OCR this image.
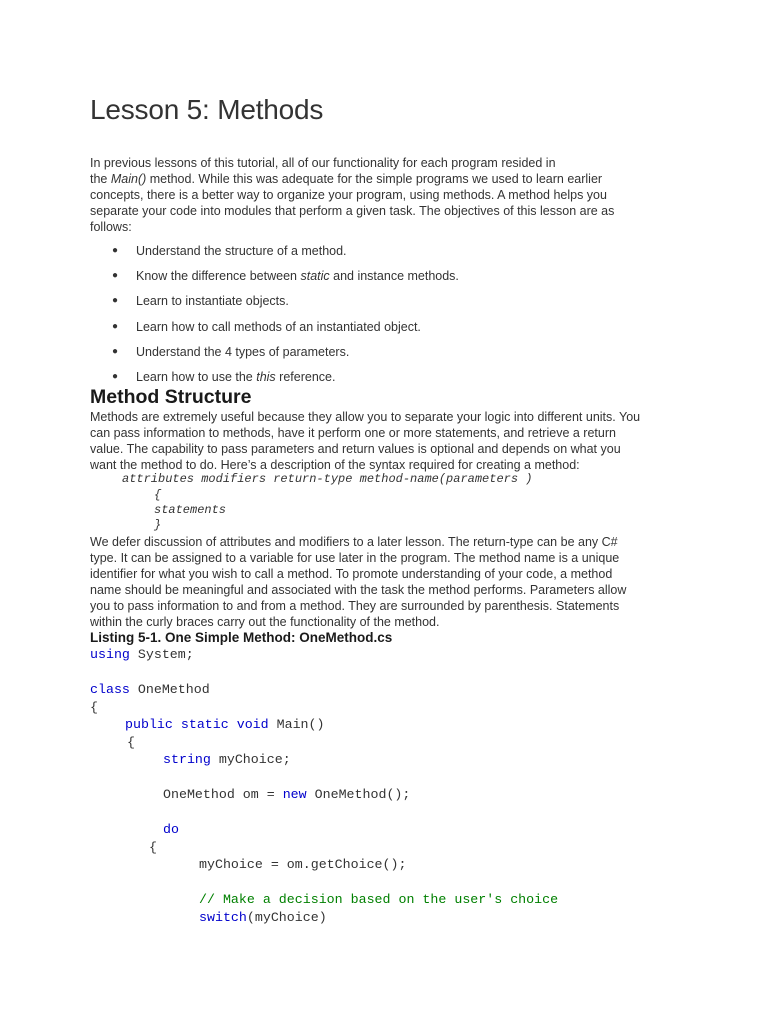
Lesson 5: Methods

In previous lessons of this tutorial, all of our functionality for each program resided in

the Main() method. While this was adequate for the simple programs we used to learn earlier

concepts, there is a better way to organize your program, using methods. A method helps you

separate your code into modules that perform a given task. The objectives of this lesson are as

follows:

● Understand the structure of a method.
● Know the difference between static and instance methods.
● Learn to instantiate objects.
● Learn how to call methods of an instantiated object.
● Understand the 4 types of parameters.
● Learn how to use the this reference.
Method Structure
Methods are extremely useful because they allow you to separate your logic into different units. You
can pass information to methods, have it perform one or more statements, and retrieve a return
value. The capability to pass parameters and return values is optional and depends on what you
want the method to do. Here’s a description of the syntax required for creating a method:
attributes modifiers return-type method-name(parameters )
{
statements
}
We defer discussion of attributes and modifiers to a later lesson. The return-type can be any C#
type. It can be assigned to a variable for use later in the program. The method name is a unique
identifier for what you wish to call a method. To promote understanding of your code, a method
name should be meaningful and associated with the task the method performs. Parameters allow
you to pass information to and from a method. They are surrounded by parenthesis. Statements
within the curly braces carry out the functionality of the method.
Listing 5-1. One Simple Method: OneMethod.cs
using System;
class OneMethod
{
public static void Main()
{
string myChoice;
OneMethod om = new OneMethod();
do
{
myChoice = om.getChoice();
// Make a decision based on the user's choice
switch(myChoice)
